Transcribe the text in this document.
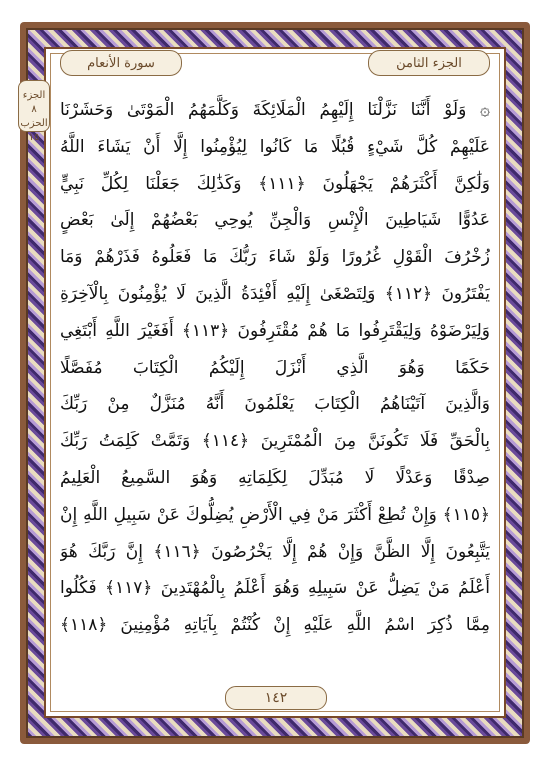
الجزء الثامن
سورة الأنعام
الجزء ٨
الحزب ١٥
۞ وَلَوْ أَنَّنَا نَزَّلْنَا إِلَيْهِمُ الْمَلَائِكَةَ وَكَلَّمَهُمُ الْمَوْتَىٰ وَحَشَرْنَا
عَلَيْهِمْ كُلَّ شَيْءٍ قُبُلًا مَا كَانُوا لِيُؤْمِنُوا إِلَّا أَنْ يَشَاءَ اللَّهُ
وَلَٰكِنَّ أَكْثَرَهُمْ يَجْهَلُونَ ﴿١١١﴾ وَكَذَٰلِكَ جَعَلْنَا لِكُلِّ نَبِيٍّ
عَدُوًّا شَيَاطِينَ الْإِنْسِ وَالْجِنِّ يُوحِي بَعْضُهُمْ إِلَىٰ بَعْضٍ
زُخْرُفَ الْقَوْلِ غُرُورًا وَلَوْ شَاءَ رَبُّكَ مَا فَعَلُوهُ فَذَرْهُمْ وَمَا
يَفْتَرُونَ ﴿١١٢﴾ وَلِتَصْغَىٰ إِلَيْهِ أَفْئِدَةُ الَّذِينَ لَا يُؤْمِنُونَ بِالْآخِرَةِ
وَلِيَرْضَوْهُ وَلِيَقْتَرِفُوا مَا هُمْ مُقْتَرِفُونَ ﴿١١٣﴾ أَفَغَيْرَ اللَّهِ أَبْتَغِي
حَكَمًا وَهُوَ الَّذِي أَنْزَلَ إِلَيْكُمُ الْكِتَابَ مُفَصَّلًا
وَالَّذِينَ آتَيْنَاهُمُ الْكِتَابَ يَعْلَمُونَ أَنَّهُ مُنَزَّلٌ مِنْ رَبِّكَ
بِالْحَقِّ فَلَا تَكُونَنَّ مِنَ الْمُمْتَرِينَ ﴿١١٤﴾ وَتَمَّتْ كَلِمَتُ رَبِّكَ
صِدْقًا وَعَدْلًا لَا مُبَدِّلَ لِكَلِمَاتِهِ وَهُوَ السَّمِيعُ الْعَلِيمُ
﴿١١٥﴾ وَإِنْ تُطِعْ أَكْثَرَ مَنْ فِي الْأَرْضِ يُضِلُّوكَ عَنْ سَبِيلِ اللَّهِ إِنْ
يَتَّبِعُونَ إِلَّا الظَّنَّ وَإِنْ هُمْ إِلَّا يَخْرُصُونَ ﴿١١٦﴾ إِنَّ رَبَّكَ هُوَ
أَعْلَمُ مَنْ يَضِلُّ عَنْ سَبِيلِهِ وَهُوَ أَعْلَمُ بِالْمُهْتَدِينَ ﴿١١٧﴾ فَكُلُوا
مِمَّا ذُكِرَ اسْمُ اللَّهِ عَلَيْهِ إِنْ كُنْتُمْ بِآيَاتِهِ مُؤْمِنِينَ ﴿١١٨﴾
١٤٢
